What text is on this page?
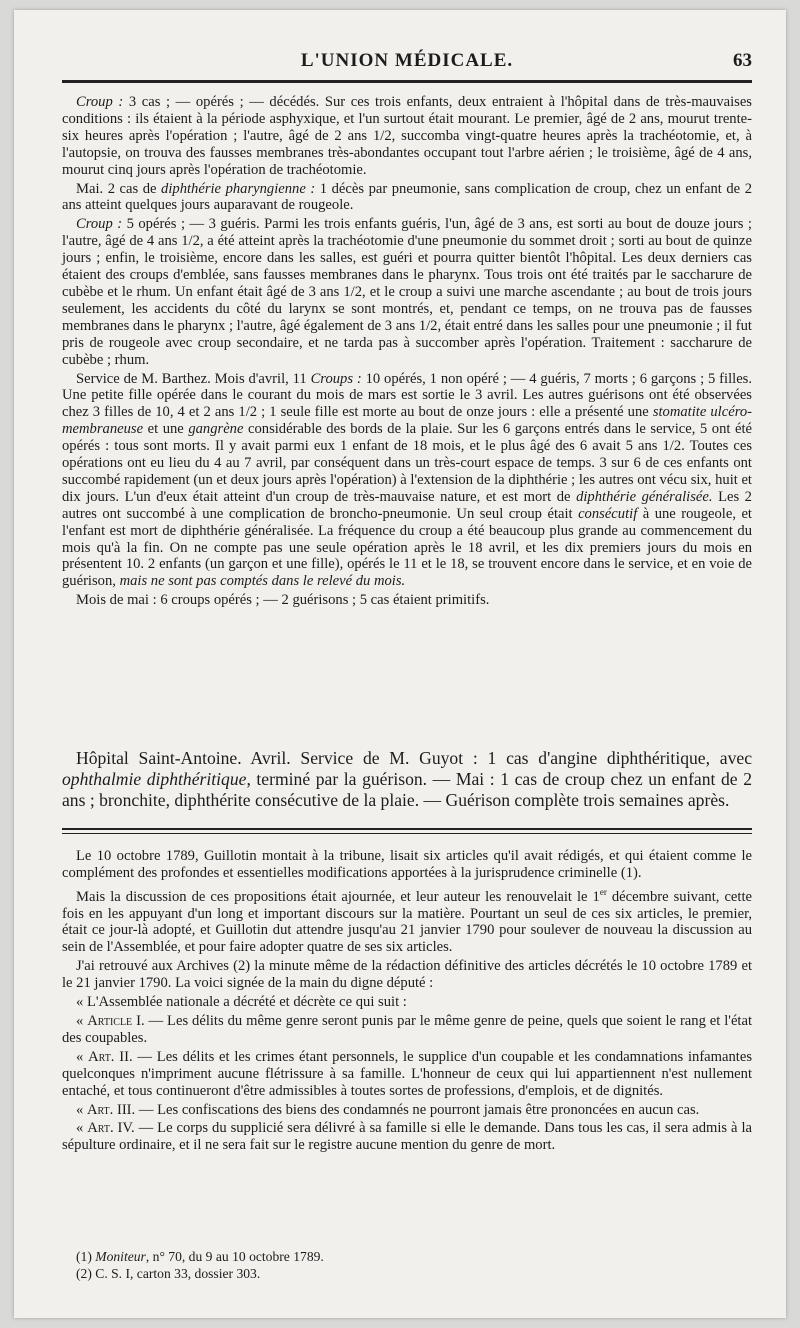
L'UNION MÉDICALE.	63

Croup : 3 cas ; — opérés ; — décédés. Sur ces trois enfants, deux entraient à l'hôpital dans de très-mauvaises conditions : ils étaient à la période asphyxique, et l'un surtout était mourant. Le premier, âgé de 2 ans, mourut trente-six heures après l'opération ; l'autre, âgé de 2 ans 1/2, succomba vingt-quatre heures après la trachéotomie, et, à l'autopsie, on trouva des fausses membranes très-abondantes occupant tout l'arbre aérien ; le troisième, âgé de 4 ans, mourut cinq jours après l'opération de trachéotomie.

Mai. 2 cas de diphthérie pharyngienne : 1 décès par pneumonie, sans complication de croup, chez un enfant de 2 ans atteint quelques jours auparavant de rougeole.

Croup : 5 opérés ; — 3 guéris. Parmi les trois enfants guéris, l'un, âgé de 3 ans, est sorti au bout de douze jours ; l'autre, âgé de 4 ans 1/2, a été atteint après la trachéotomie d'une pneumonie du sommet droit ; sorti au bout de quinze jours ; enfin, le troisième, encore dans les salles, est guéri et pourra quitter bientôt l'hôpital. Les deux derniers cas étaient des croups d'emblée, sans fausses membranes dans le pharynx. Tous trois ont été traités par le saccharure de cubèbe et le rhum. Un enfant était âgé de 3 ans 1/2, et le croup a suivi une marche ascendante ; au bout de trois jours seulement, les accidents du côté du larynx se sont montrés, et, pendant ce temps, on ne trouva pas de fausses membranes dans le pharynx ; l'autre, âgé également de 3 ans 1/2, était entré dans les salles pour une pneumonie ; il fut pris de rougeole avec croup secondaire, et ne tarda pas à succomber après l'opération. Traitement : saccharure de cubèbe ; rhum.

Service de M. Barthez. Mois d'avril, 11 Croups : 10 opérés, 1 non opéré ; — 4 guéris, 7 morts ; 6 garçons ; 5 filles. Une petite fille opérée dans le courant du mois de mars est sortie le 3 avril. Les autres guérisons ont été observées chez 3 filles de 10, 4 et 2 ans 1/2 ; 1 seule fille est morte au bout de onze jours : elle a présenté une stomatite ulcéro-membraneuse et une gangrène considérable des bords de la plaie. Sur les 6 garçons entrés dans le service, 5 ont été opérés : tous sont morts. Il y avait parmi eux 1 enfant de 18 mois, et le plus âgé des 6 avait 5 ans 1/2. Toutes ces opérations ont eu lieu du 4 au 7 avril, par conséquent dans un très-court espace de temps. 3 sur 6 de ces enfants ont succombé rapidement (un et deux jours après l'opération) à l'extension de la diphthérie ; les autres ont vécu six, huit et dix jours. L'un d'eux était atteint d'un croup de très-mauvaise nature, et est mort de diphthérie généralisée. Les 2 autres ont succombé à une complication de broncho-pneumonie. Un seul croup était consécutif à une rougeole, et l'enfant est mort de diphthérie généralisée. La fréquence du croup a été beaucoup plus grande au commencement du mois qu'à la fin. On ne compte pas une seule opération après le 18 avril, et les dix premiers jours du mois en présentent 10. 2 enfants (un garçon et une fille), opérés le 11 et le 18, se trouvent encore dans le service, et en voie de guérison, mais ne sont pas comptés dans le relevé du mois.

Mois de mai : 6 croups opérés ; — 2 guérisons ; 5 cas étaient primitifs.

Hôpital Saint-Antoine. Avril. Service de M. Guyot : 1 cas d'angine diphthéritique, avec ophthalmie diphthéritique, terminé par la guérison. — Mai : 1 cas de croup chez un enfant de 2 ans ; bronchite, diphthérite consécutive de la plaie. — Guérison complète trois semaines après.

Le 10 octobre 1789, Guillotin montait à la tribune, lisait six articles qu'il avait rédigés, et qui étaient comme le complément des profondes et essentielles modifications apportées à la jurisprudence criminelle (1).

Mais la discussion de ces propositions était ajournée, et leur auteur les renouvelait le 1er décembre suivant, cette fois en les appuyant d'un long et important discours sur la matière. Pourtant un seul de ces six articles, le premier, était ce jour-là adopté, et Guillotin dut attendre jusqu'au 21 janvier 1790 pour soulever de nouveau la discussion au sein de l'Assemblée, et pour faire adopter quatre de ses six articles.

J'ai retrouvé aux Archives (2) la minute même de la rédaction définitive des articles décrétés le 10 octobre 1789 et le 21 janvier 1790. La voici signée de la main du digne député :

« L'Assemblée nationale a décrété et décrète ce qui suit :

« Article I. — Les délits du même genre seront punis par le même genre de peine, quels que soient le rang et l'état des coupables.

« Art. II. — Les délits et les crimes étant personnels, le supplice d'un coupable et les condamnations infamantes quelconques n'impriment aucune flétrissure à sa famille. L'honneur de ceux qui lui appartiennent n'est nullement entaché, et tous continueront d'être admissibles à toutes sortes de professions, d'emplois, et de dignités.

« Art. III. — Les confiscations des biens des condamnés ne pourront jamais être prononcées en aucun cas.

« Art. IV. — Le corps du supplicié sera délivré à sa famille si elle le demande. Dans tous les cas, il sera admis à la sépulture ordinaire, et il ne sera fait sur le registre aucune mention du genre de mort.

(1) Moniteur, n° 70, du 9 au 10 octobre 1789.
(2) C. S. I, carton 33, dossier 303.
